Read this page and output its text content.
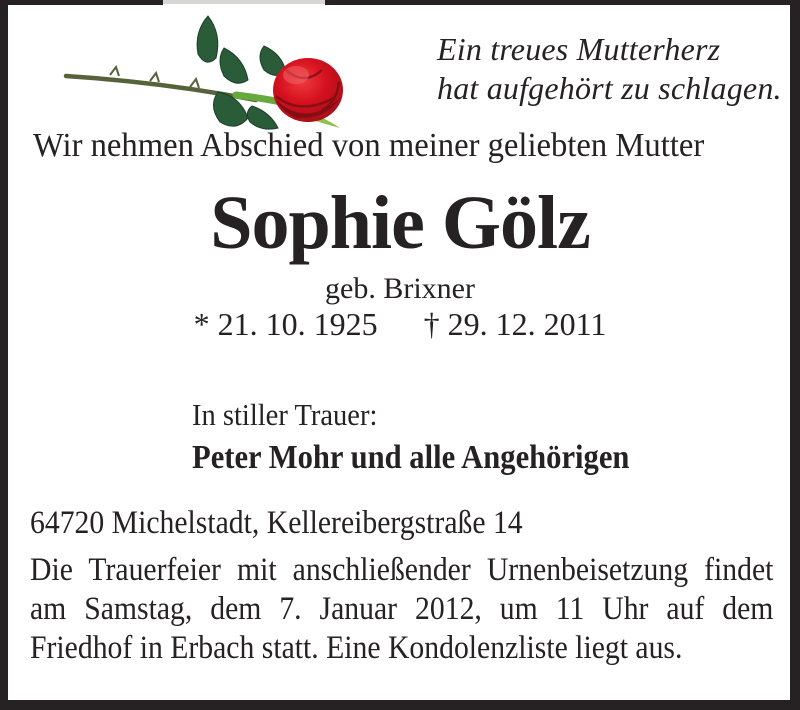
Ein treues Mutterherz
hat aufgehört zu schlagen.
Wir nehmen Abschied von meiner geliebten Mutter
Sophie Gölz
geb. Brixner
* 21. 10. 1925 † 29. 12. 2011
In stiller Trauer:
Peter Mohr und alle Angehörigen
64720 Michelstadt, Kellereibergstraße 14
Die Trauerfeier mit anschließender Urnenbeisetzung findet am Samstag, dem 7. Januar 2012, um 11 Uhr auf dem Friedhof in Erbach statt. Eine Kondolenzliste liegt aus.
